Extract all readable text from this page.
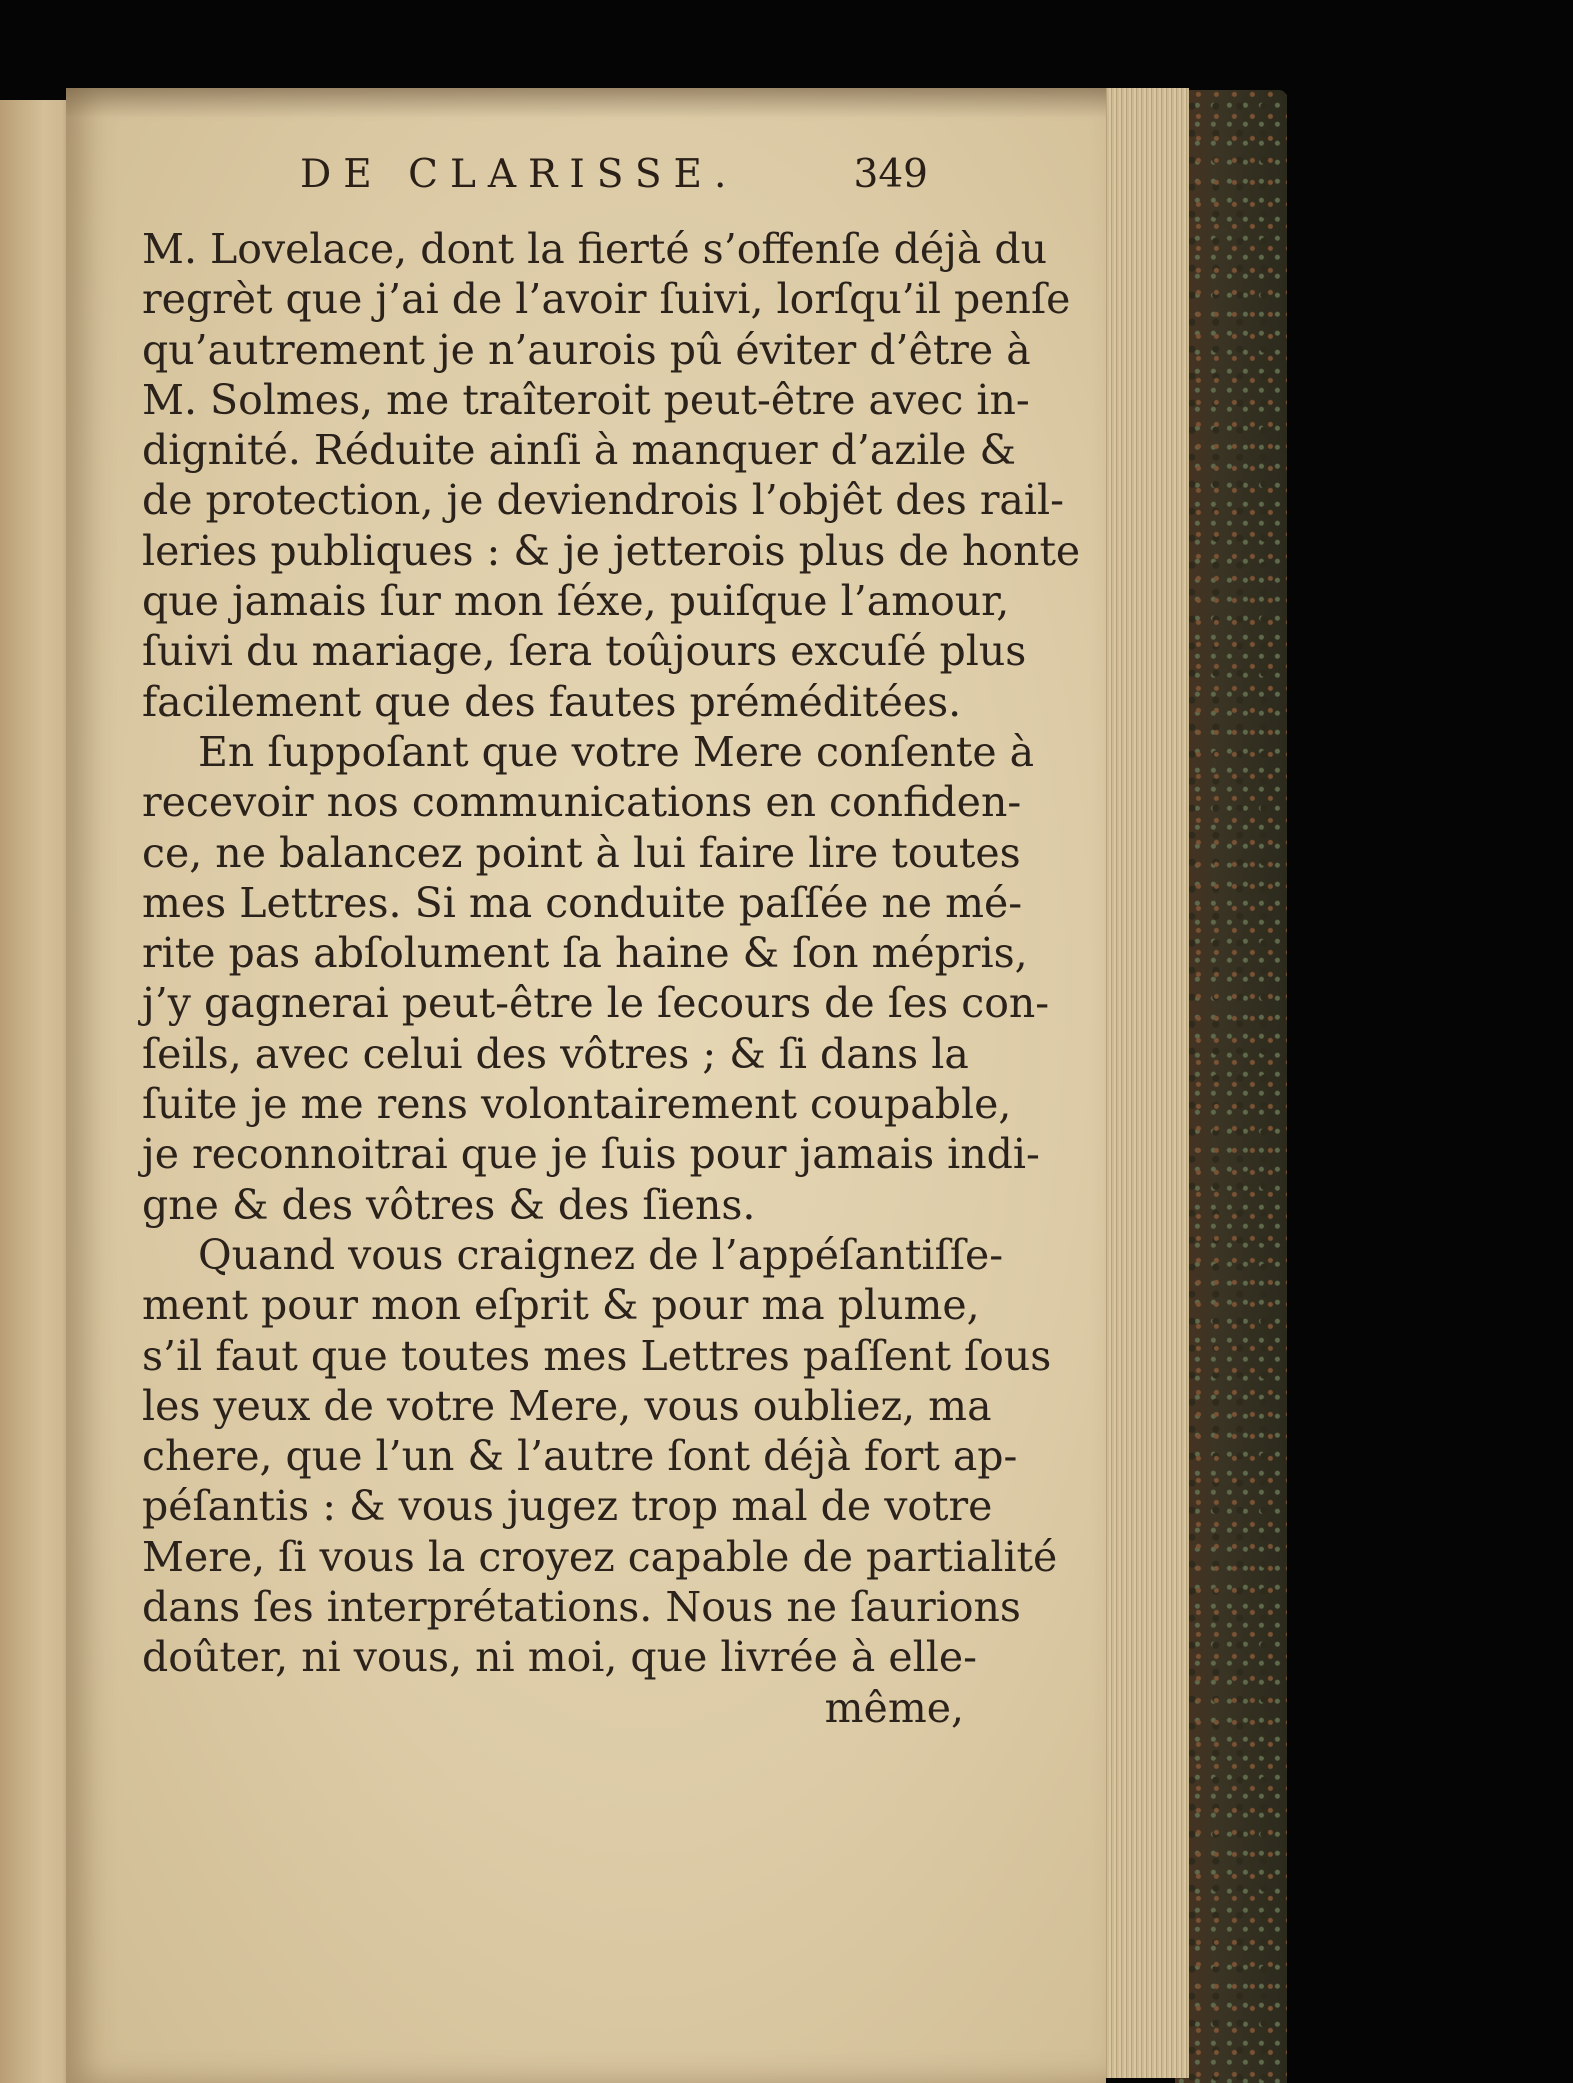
DE CLARISSE.	349
M. Lovelace, dont la fierté s’offenſe déjà du
regrèt que j’ai de l’avoir ſuivi, lorſqu’il penſe
qu’autrement je n’aurois pû éviter d’être à
M. Solmes, me traîteroit peut-être avec in-
dignité. Réduite ainſi à manquer d’azile &
de protection, je deviendrois l’objêt des rail-
leries publiques : & je jetterois plus de honte
que jamais ſur mon ſéxe, puiſque l’amour,
ſuivi du mariage, ſera toûjours excuſé plus
facilement que des fautes préméditées.
En ſuppoſant que votre Mere conſente à
recevoir nos communications en confiden-
ce, ne balancez point à lui faire lire toutes
mes Lettres. Si ma conduite paſſée ne mé-
rite pas abſolument ſa haine & ſon mépris,
j’y gagnerai peut-être le ſecours de ſes con-
ſeils, avec celui des vôtres ; & ſi dans la
ſuite je me rens volontairement coupable,
je reconnoitrai que je ſuis pour jamais indi-
gne & des vôtres & des ſiens.
Quand vous craignez de l’appéſantiſſe-
ment pour mon eſprit & pour ma plume,
s’il faut que toutes mes Lettres paſſent ſous
les yeux de votre Mere, vous oubliez, ma
chere, que l’un & l’autre ſont déjà fort ap-
péſantis : & vous jugez trop mal de votre
Mere, ſi vous la croyez capable de partialité
dans ſes interprétations. Nous ne ſaurions
doûter, ni vous, ni moi, que livrée à elle-
même,
